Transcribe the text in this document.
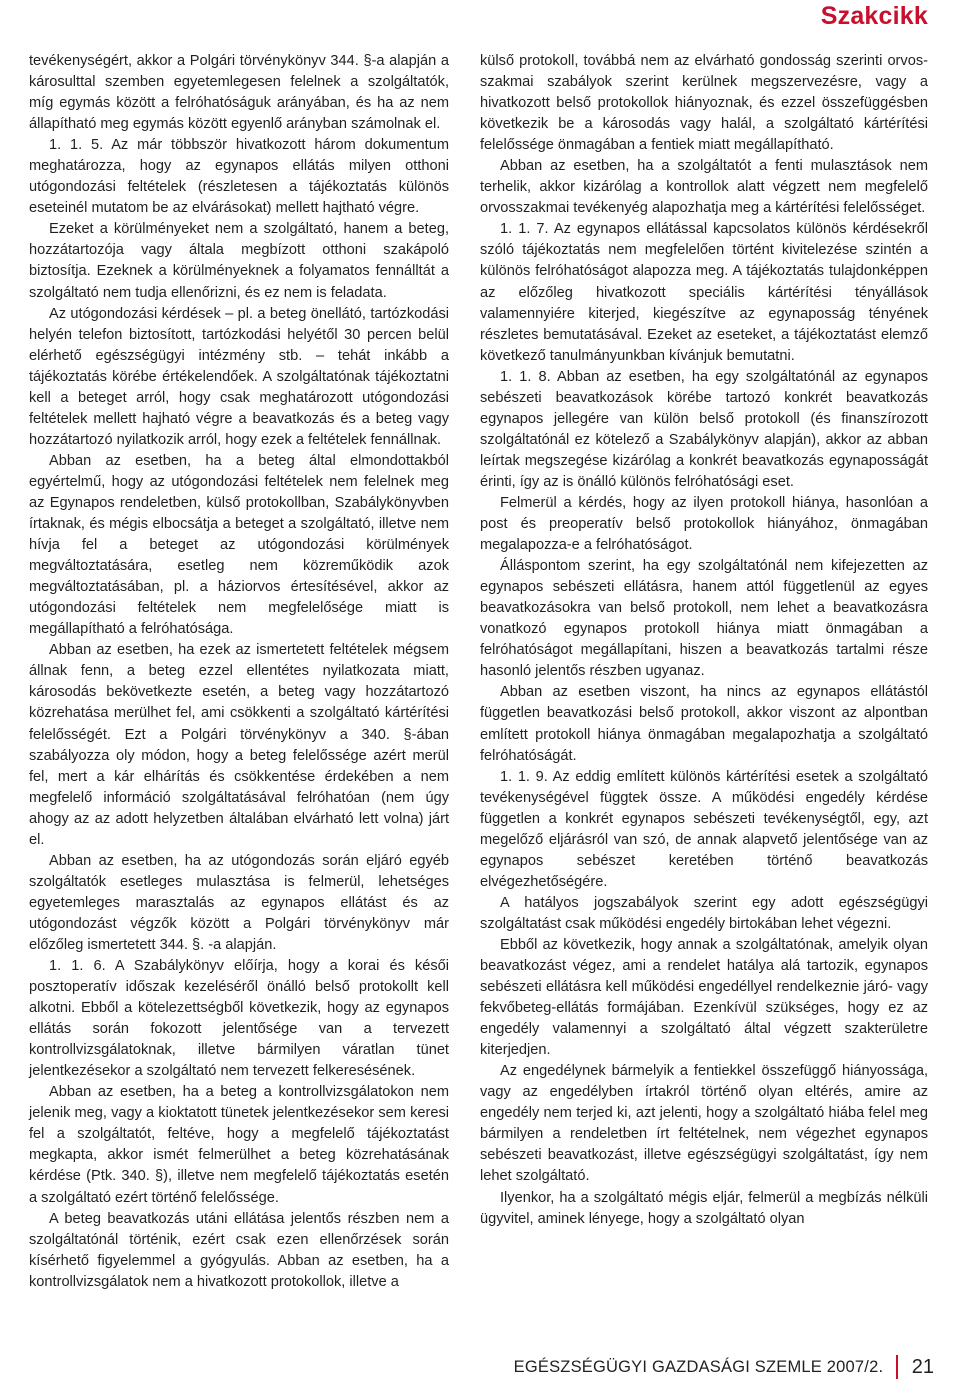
Szakcikk

tevékenységért, akkor a Polgári törvénykönyv 344. §-a alapján a károsulttal szemben egyetemlegesen felelnek a szolgáltatók, míg egymás között a felróhatóságuk arányában, és ha az nem állapítható meg egymás között egyenlő arányban számolnak el.

1. 1. 5. Az már többször hivatkozott három dokumentum meghatározza, hogy az egynapos ellátás milyen otthoni utógondozási feltételek (részletesen a tájékoztatás különös eseteinél mutatom be az elvárásokat) mellett hajtható végre.

Ezeket a körülményeket nem a szolgáltató, hanem a beteg, hozzátartozója vagy általa megbízott otthoni szakápoló biztosítja. Ezeknek a körülményeknek a folyamatos fennálltát a szolgáltató nem tudja ellenőrizni, és ez nem is feladata.

Az utógondozási kérdések – pl. a beteg önellátó, tartózkodási helyén telefon biztosított, tartózkodási helyétől 30 percen belül elérhető egészségügyi intézmény stb. – tehát inkább a tájékoztatás körébe értékelendőek. A szolgáltatónak tájékoztatni kell a beteget arról, hogy csak meghatározott utógondozási feltételek mellett hajható végre a beavatkozás és a beteg vagy hozzátartozó nyilatkozik arról, hogy ezek a feltételek fennállnak.

Abban az esetben, ha a beteg által elmondottakból egyértelmű, hogy az utógondozási feltételek nem felelnek meg az Egynapos rendeletben, külső protokollban, Szabálykönyvben írtaknak, és mégis elbocsátja a beteget a szolgáltató, illetve nem hívja fel a beteget az utógondozási körülmények megváltoztatására, esetleg nem közreműködik azok megváltoztatásában, pl. a háziorvos értesítésével, akkor az utógondozási feltételek nem megfelelősége miatt is megállapítható a felróhatósága.

Abban az esetben, ha ezek az ismertetett feltételek mégsem állnak fenn, a beteg ezzel ellentétes nyilatkozata miatt, károsodás bekövetkezte esetén, a beteg vagy hozzátartozó közrehatása merülhet fel, ami csökkenti a szolgáltató kártérítési felelősségét. Ezt a Polgári törvénykönyv a 340. §-ában szabályozza oly módon, hogy a beteg felelőssége azért merül fel, mert a kár elhárítás és csökkentése érdekében a nem megfelelő információ szolgáltatásával felróhatóan (nem úgy ahogy az az adott helyzetben általában elvárható lett volna) járt el.

Abban az esetben, ha az utógondozás során eljáró egyéb szolgáltatók esetleges mulasztása is felmerül, lehetséges egyetemleges marasztalás az egynapos ellátást és az utógondozást végzők között a Polgári törvénykönyv már előzőleg ismertetett 344. §. -a alapján.

1. 1. 6. A Szabálykönyv előírja, hogy a korai és késői posztoperatív időszak kezeléséről önálló belső protokollt kell alkotni. Ebből a kötelezettségből következik, hogy az egynapos ellátás során fokozott jelentősége van a tervezett kontrollvizsgálatoknak, illetve bármilyen váratlan tünet jelentkezésekor a szolgáltató nem tervezett felkeresésének.

Abban az esetben, ha a beteg a kontrollvizsgálatokon nem jelenik meg, vagy a kioktatott tünetek jelentkezésekor sem keresi fel a szolgáltatót, feltéve, hogy a megfelelő tájékoztatást megkapta, akkor ismét felmerülhet a beteg közrehatásának kérdése (Ptk. 340. §), illetve nem megfelelő tájékoztatás esetén a szolgáltató ezért történő felelőssége.

A beteg beavatkozás utáni ellátása jelentős részben nem a szolgáltatónál történik, ezért csak ezen ellenőrzések során kísérhető figyelemmel a gyógyulás. Abban az esetben, ha a kontrollvizsgálatok nem a hivatkozott protokollok, illetve a

külső protokoll, továbbá nem az elvárható gondosság szerinti orvos-szakmai szabályok szerint kerülnek megszervezésre, vagy a hivatkozott belső protokollok hiányoznak, és ezzel összefüggésben következik be a károsodás vagy halál, a szolgáltató kártérítési felelőssége önmagában a fentiek miatt megállapítható.

Abban az esetben, ha a szolgáltatót a fenti mulasztások nem terhelik, akkor kizárólag a kontrollok alatt végzett nem megfelelő orvosszakmai tevékenyég alapozhatja meg a kártérítési felelősséget.

1. 1. 7. Az egynapos ellátással kapcsolatos különös kérdésekről szóló tájékoztatás nem megfelelően történt kivitelezése szintén a különös felróhatóságot alapozza meg. A tájékoztatás tulajdonképpen az előzőleg hivatkozott speciális kártérítési tényállások valamennyiére kiterjed, kiegészítve az egynaposság tényének részletes bemutatásával. Ezeket az eseteket, a tájékoztatást elemző következő tanulmányunkban kívánjuk bemutatni.

1. 1. 8. Abban az esetben, ha egy szolgáltatónál az egynapos sebészeti beavatkozások körébe tartozó konkrét beavatkozás egynapos jellegére van külön belső protokoll (és finanszírozott szolgáltatónál ez kötelező a Szabálykönyv alapján), akkor az abban leírtak megszegése kizárólag a konkrét beavatkozás egynaposságát érinti, így az is önálló különös felróhatósági eset.

Felmerül a kérdés, hogy az ilyen protokoll hiánya, hasonlóan a post és preoperatív belső protokollok hiányához, önmagában megalapozza-e a felróhatóságot.

Álláspontom szerint, ha egy szolgáltatónál nem kifejezetten az egynapos sebészeti ellátásra, hanem attól függetlenül az egyes beavatkozásokra van belső protokoll, nem lehet a beavatkozásra vonatkozó egynapos protokoll hiánya miatt önmagában a felróhatóságot megállapítani, hiszen a beavatkozás tartalmi része hasonló jelentős részben ugyanaz.

Abban az esetben viszont, ha nincs az egynapos ellátástól független beavatkozási belső protokoll, akkor viszont az alpontban említett protokoll hiánya önmagában megalapozhatja a szolgáltató felróhatóságát.

1. 1. 9. Az eddig említett különös kártérítési esetek a szolgáltató tevékenységével függtek össze. A működési engedély kérdése független a konkrét egynapos sebészeti tevékenységtől, egy, azt megelőző eljárásról van szó, de annak alapvető jelentősége van az egynapos sebészet keretében történő beavatkozás elvégezhetőségére.

A hatályos jogszabályok szerint egy adott egészségügyi szolgáltatást csak működési engedély birtokában lehet végezni.

Ebből az következik, hogy annak a szolgáltatónak, amelyik olyan beavatkozást végez, ami a rendelet hatálya alá tartozik, egynapos sebészeti ellátásra kell működési engedéllyel rendelkeznie járó- vagy fekvőbeteg-ellátás formájában. Ezenkívül szükséges, hogy ez az engedély valamennyi a szolgáltató által végzett szakterületre kiterjedjen.

Az engedélynek bármelyik a fentiekkel összefüggő hiányossága, vagy az engedélyben írtakról történő olyan eltérés, amire az engedély nem terjed ki, azt jelenti, hogy a szolgáltató hiába felel meg bármilyen a rendeletben írt feltételnek, nem végezhet egynapos sebészeti beavatkozást, illetve egészségügyi szolgáltatást, így nem lehet szolgáltató.

Ilyenkor, ha a szolgáltató mégis eljár, felmerül a megbízás nélküli ügyvitel, aminek lényege, hogy a szolgáltató olyan

EGÉSZSÉGÜGYI GAZDASÁGI SZEMLE 2007/2. 21
